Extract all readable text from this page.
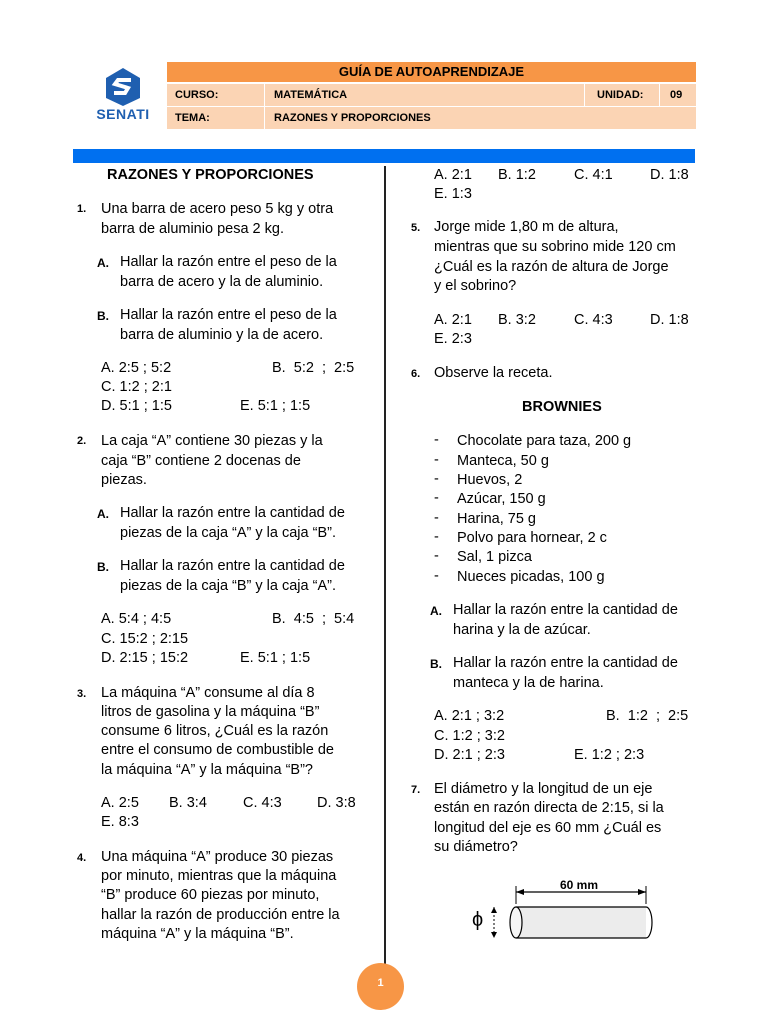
SENATI
GUÍA DE AUTOAPRENDIZAJE
CURSO:	MATEMÁTICA	UNIDAD: 09
TEMA:	RAZONES Y PROPORCIONES
RAZONES Y PROPORCIONES
1. Una barra de acero peso 5 kg y otra
barra de aluminio pesa 2 kg.
A. Hallar la razón entre el peso de la
barra de acero y la de aluminio.
B. Hallar la razón entre el peso de la
barra de aluminio y la de acero.
A. 2:5 ; 5:2	B.  5:2  ;  2:5
C. 1:2 ; 2:1
D. 5:1 ; 1:5	E. 5:1 ; 1:5
2. La caja “A” contiene 30 piezas y la
caja “B” contiene 2 docenas de
piezas.
A. Hallar la razón entre la cantidad de
piezas de la caja “A” y la caja “B”.
B. Hallar la razón entre la cantidad de
piezas de la caja “B” y la caja “A”.
A. 5:4 ; 4:5	B.  4:5  ;  5:4
C. 15:2 ; 2:15
D. 2:15 ; 15:2	E. 5:1 ; 1:5
3. La máquina “A” consume al día 8
litros de gasolina y la máquina “B”
consume 6 litros, ¿Cuál es la razón
entre el consumo de combustible de
la máquina “A” y la máquina “B”?
A. 2:5 B. 3:4 C. 4:3 D. 3:8
E. 8:3
4. Una máquina “A” produce 30 piezas
por minuto, mientras que la máquina
“B” produce 60 piezas por minuto,
hallar la razón de producción entre la
máquina “A” y la máquina “B”.
A. 2:1 B. 1:2	C. 4:1	D. 1:8
E. 1:3
5. Jorge mide 1,80 m de altura,
mientras que su sobrino mide 120 cm
¿Cuál es la razón de altura de Jorge
y el sobrino?
A. 2:1 B. 3:2	C. 4:3	D. 1:8
E. 2:3
6. Observe la receta.
BROWNIES
- Chocolate para taza, 200 g
- Manteca, 50 g
- Huevos, 2
- Azúcar, 150 g
- Harina, 75 g
- Polvo para hornear, 2 c
- Sal, 1 pizca
- Nueces picadas, 100 g
A. Hallar la razón entre la cantidad de
harina y la de azúcar.
B. Hallar la razón entre la cantidad de
manteca y la de harina.
A. 2:1 ; 3:2	B.  1:2  ;  2:5
C. 1:2 ; 3:2
D. 2:1 ; 2:3	E. 1:2 ; 2:3
7. El diámetro y la longitud de un eje
están en razón directa de 2:15, si la
longitud del eje es 60 mm ¿Cuál es
su diámetro?
60 mm
ϕ
1
